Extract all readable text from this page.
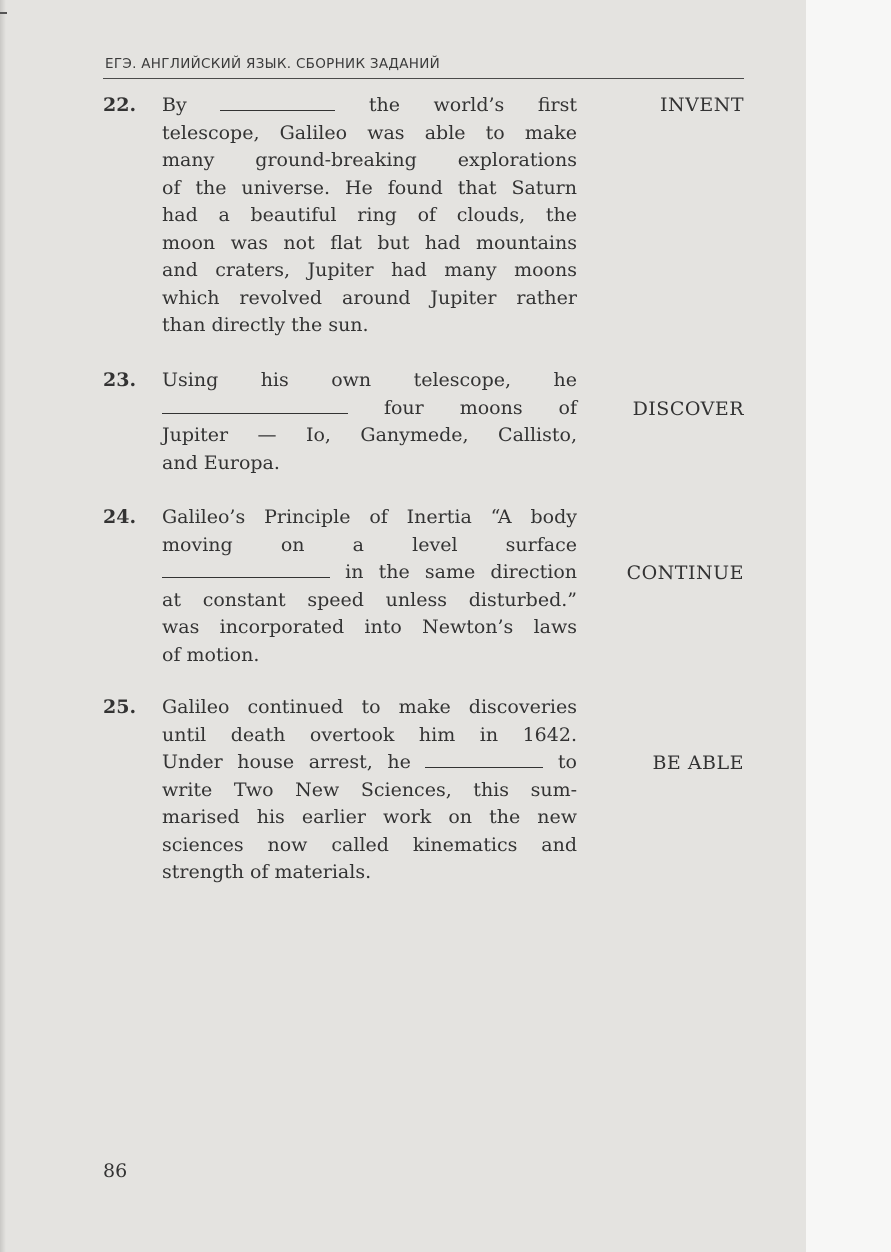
ЕГЭ. АНГЛИЙСКИЙ ЯЗЫК. СБОРНИК ЗАДАНИЙ
22. By	the world’s first
telescope, Galileo was able to make
many ground-breaking explorations
of the universe. He found that Saturn
had a beautiful ring of clouds, the
moon was not flat but had mountains
and craters, Jupiter had many moons
which revolved around Jupiter rather
than directly the sun.
INVENT
23. Using his own telescope, he
four moons of
Jupiter — Io, Ganymede, Callisto,
and Europa.
DISCOVER
24. Galileo’s Principle of Inertia “A body
moving on a level surface
in the same direction
at constant speed unless disturbed.”
was incorporated into Newton’s laws
of motion.
CONTINUE
25. Galileo continued to make discoveries
until death overtook him in 1642.
Under house arrest, he	to
write Two New Sciences, this sum-
marised his earlier work on the new
sciences now called kinematics and
strength of materials.
BE ABLE
86
